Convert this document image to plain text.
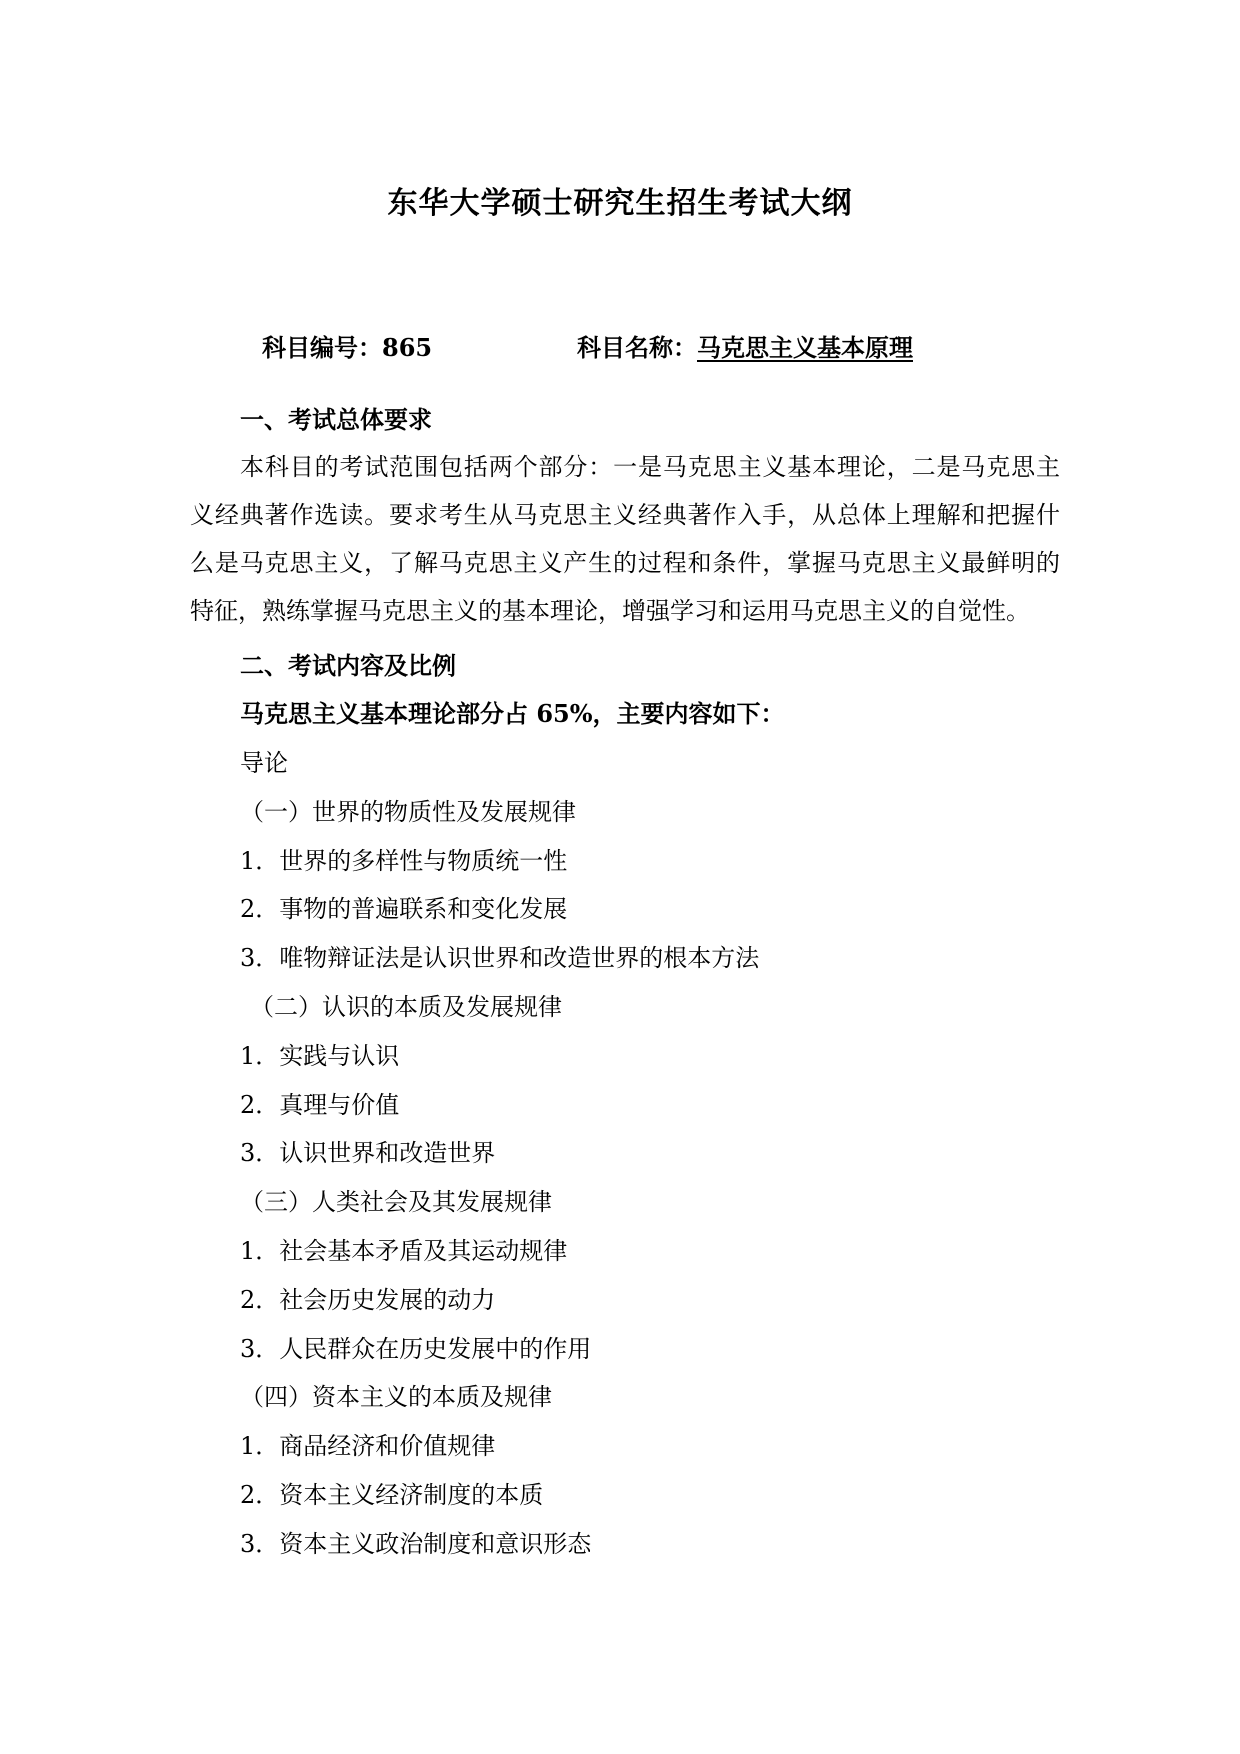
东华大学硕士研究生招生考试大纲
科目编号：865	科目名称：马克思主义基本原理
一、考试总体要求
本科目的考试范围包括两个部分：一是马克思主义基本理论，二是马克思主
义经典著作选读。要求考生从马克思主义经典著作入手，从总体上理解和把握什
么是马克思主义，了解马克思主义产生的过程和条件，掌握马克思主义最鲜明的
特征，熟练掌握马克思主义的基本理论，增强学习和运用马克思主义的自觉性。
二、考试内容及比例
马克思主义基本理论部分占 65%，主要内容如下：
导论
（一）世界的物质性及发展规律
1．世界的多样性与物质统一性
2．事物的普遍联系和变化发展
3．唯物辩证法是认识世界和改造世界的根本方法
（二）认识的本质及发展规律
1．实践与认识
2．真理与价值
3．认识世界和改造世界
（三）人类社会及其发展规律
1．社会基本矛盾及其运动规律
2．社会历史发展的动力
3．人民群众在历史发展中的作用
（四）资本主义的本质及规律
1．商品经济和价值规律
2．资本主义经济制度的本质
3．资本主义政治制度和意识形态
